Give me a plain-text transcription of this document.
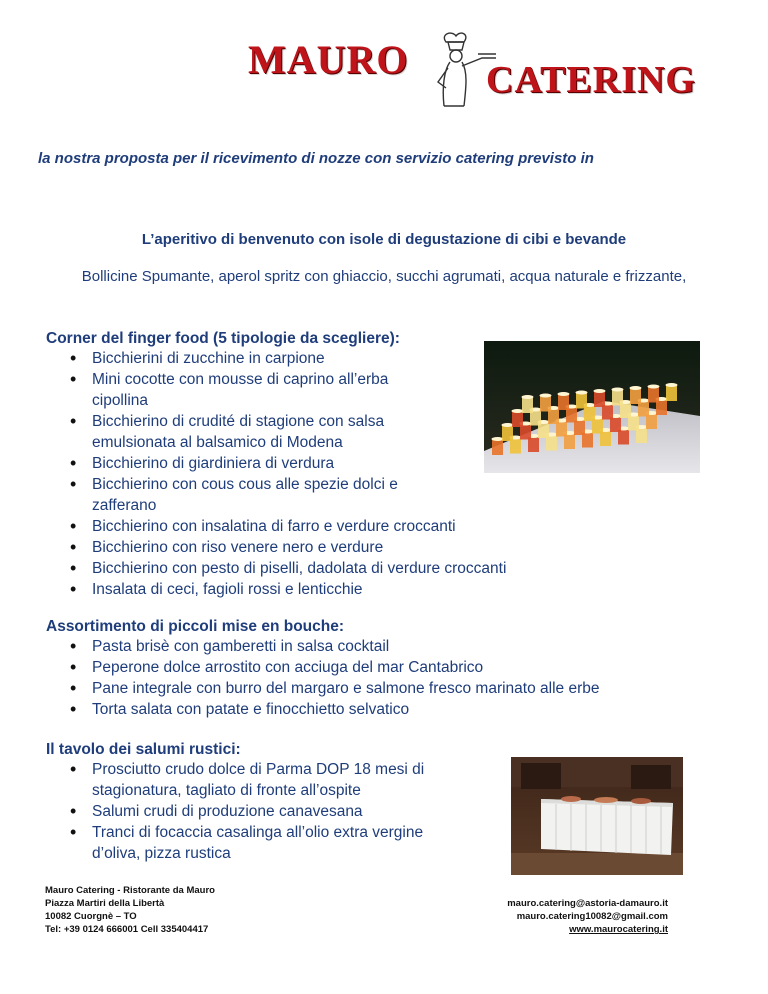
MAURO CATERING
la nostra proposta per il ricevimento di nozze con servizio catering previsto in
L’aperitivo di benvenuto con isole di degustazione di cibi e bevande
Bollicine Spumante, aperol spritz con ghiaccio, succhi agrumati, acqua naturale e frizzante,
Corner del finger food (5 tipologie da scegliere):
• Bicchierini di zucchine in carpione
• Mini cocotte con mousse di caprino all’erba
cipollina
• Bicchierino di crudité di stagione con salsa
emulsionata al balsamico di Modena
• Bicchierino di giardiniera di verdura
• Bicchierino con cous cous alle spezie dolci e
zafferano
• Bicchierino con insalatina di farro e verdure croccanti
• Bicchierino con riso venere nero e verdure
• Bicchierino con pesto di piselli, dadolata di verdure croccanti
• Insalata di ceci, fagioli rossi e lenticchie
Assortimento di piccoli mise en bouche:
• Pasta brisè con gamberetti in salsa cocktail
• Peperone dolce arrostito con acciuga del mar Cantabrico
• Pane integrale con burro del margaro e salmone fresco marinato alle erbe
• Torta salata con patate e finocchietto selvatico
Il tavolo dei salumi rustici:
• Prosciutto crudo dolce di Parma DOP 18 mesi di
stagionatura, tagliato di fronte all’ospite
• Salumi crudi di produzione canavesana
• Tranci di focaccia casalinga all’olio extra vergine
d’oliva, pizza rustica
Mauro Catering - Ristorante da Mauro
Piazza Martiri della Libertà
10082 Cuorgnè – TO
Tel: +39 0124 666001 Cell 335404417
mauro.catering@astoria-damauro.it
mauro.catering10082@gmail.com
www.maurocatering.it
